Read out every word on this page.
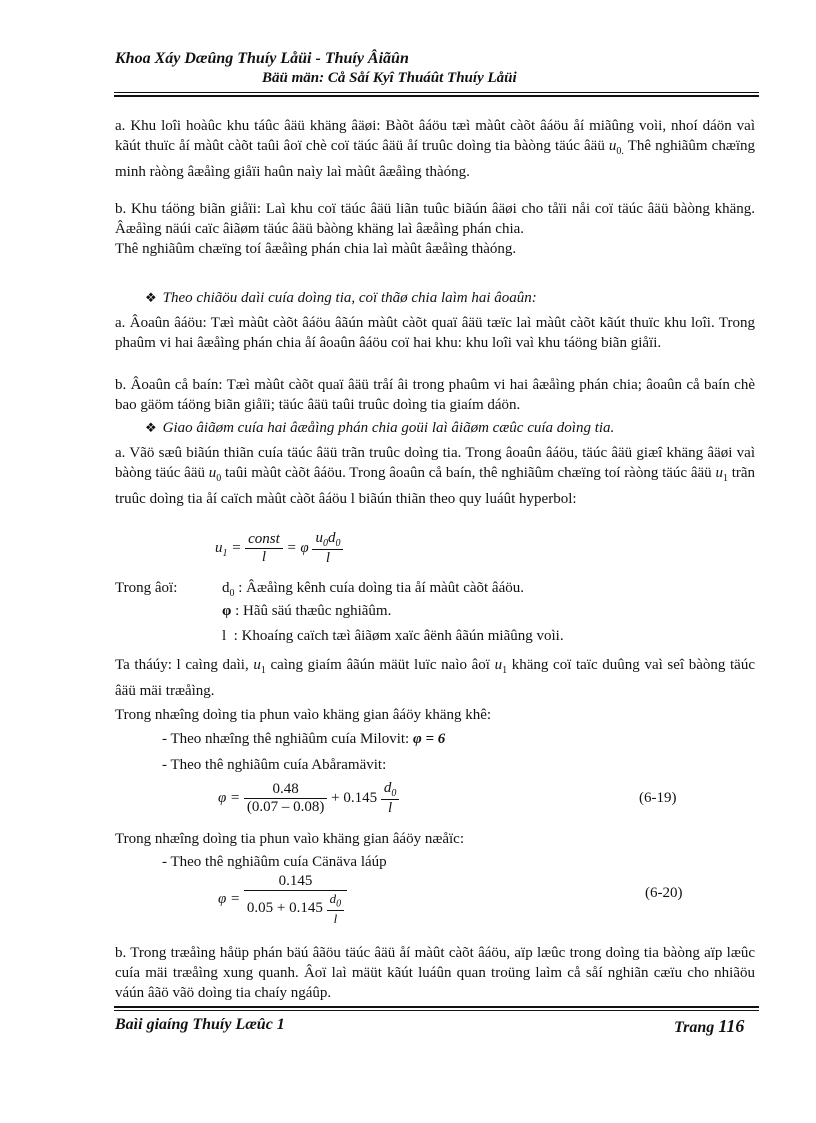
Khoa Xáy Dæûng Thuíy Låüi - Thuíy Âiãûn
Bäü män: Cå Såí Kyî Thuáût Thuíy Låüi
a. Khu loîi hoàûc khu táûc âäü khäng âäøi: Bàõt âáöu tæì màût càõt âáöu åí miãûng voìi, nhoí dáön vaì kãút thuïc åí màût càõt taûi âoï chè coï täúc âäü åí truûc doìng tia bàòng täúc âäü $u_{0.}$ Thê nghiãûm chæïng minh ràòng âæåìng giåïi haûn naìy laì màût âæåìng thàóng.
b. Khu táöng biãn giåïi: Laì khu coï täúc âäü liãn tuûc biãún âäøi cho tåïi nåi coï täúc âäü bàòng khäng. Âæåìng näúi caïc âiãøm täúc âäü bàòng khäng laì âæåìng phán chia.
Thê nghiãûm chæïng toí âæåìng phán chia laì màût âæåìng thàóng.
❖ Theo chiãöu daìi cuía doìng tia, coï thãø chia laìm hai âoaûn:
a. Âoaûn âáöu: Tæì màût càõt âáöu âãún màût càõt quaï âäü tæïc laì màût càõt kãút thuïc khu loîi. Trong phaûm vi hai âæåìng phán chia åí âoaûn âáöu coï hai khu: khu loîi vaì khu táöng biãn giåïi.
b. Âoaûn cå baín: Tæì màût càõt quaï âäü tråí âi trong phaûm vi hai âæåìng phán chia; âoaûn cå baín chè bao gäöm táöng biãn giåïi; täúc âäü taûi truûc doìng tia giaím dáön.
❖ Giao âiãøm cuía hai âæåìng phán chia goüi laì âiãøm cæûc cuía doìng tia.
a. Vãö sæû biãún thiãn cuía täúc âäü trãn truûc doìng tia. Trong âoaûn âáöu, täúc âäü giæî khäng âäøi vaì bàòng täúc âäü $u_0$ taûi màût càõt âáöu. Trong âoaûn cå baín, thê nghiãûm chæïng toí ràòng täúc âäü $u_1$ trãn truûc doìng tia åí caïch màût càõt âáöu l biãún thiãn theo quy luáût hyperbol:
$u_1 = \frac{\text{const}}{l} = \varphi \frac{u_0d_0}{l}$
Trong âoï:	$d_0$ : Âæåìng kênh cuía doìng tia åí màût càõt âáöu.
φ : Hãû säú thæûc nghiãûm.
l : Khoaíng caïch tæì âiãøm xaïc âënh âãún miãûng voìi.
Ta tháúy: l caìng daìi, $u_1$ caìng giaím âãún mäüt luïc naìo âoï $u_1$ khäng coï taïc duûng vaì seî bàòng täúc âäü mäi træåìng.
Trong nhæîng doìng tia phun vaìo khäng gian âáöy khäng khê:
- Theo nhæîng thê nghiãûm cuía Milovit: φ = 6
- Theo thê nghiãûm cuía Abåramävit:
$\varphi = \frac{0.48}{(0.07 - 0.08)} + 0.145 \frac{d_0}{l}$	(6-19)
Trong nhæîng doìng tia phun vaìo khäng gian âáöy næåïc:
- Theo thê nghiãûm cuía Cänäva láúp
$\varphi = \frac{0.145}{0.05 + 0.145 \frac{d_0}{l}}$	(6-20)
b. Trong træåìng håüp phán bäú âãöu täúc âäü åí màût càõt âáöu, aïp læûc trong doìng tia bàòng aïp læûc cuía mäi træåìng xung quanh. Âoï laì mäüt kãút luáûn quan troüng laìm cå såí nghiãn cæïu cho nhiãöu váún âãö vãö doìng tia chaíy ngáûp.
Baìi giaíng Thuíy Læûc 1	Trang 116
